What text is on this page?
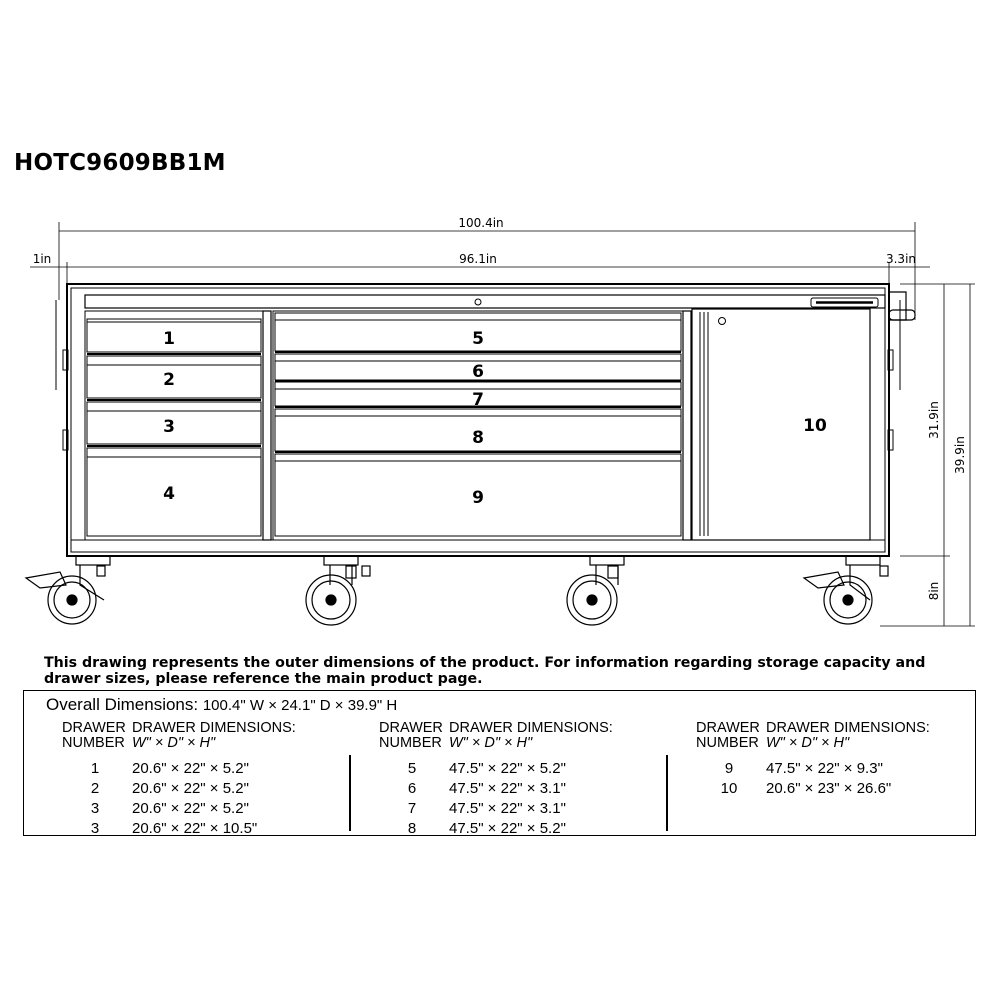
HOTC9609BB1M
100.4in
1in	96.1in	3.3in
31.9in
39.9in
8in
1
2
3
4
5
6
7
8
9
10
This drawing represents the outer dimensions of the product. For information regarding storage capacity and drawer sizes, please reference the main product page.
Overall Dimensions: 100.4" W × 24.1" D × 39.9" H
DRAWER
NUMBER
DRAWER DIMENSIONS:
W" × D" × H"
1	20.6" × 22" × 5.2"
2	20.6" × 22" × 5.2"
3	20.6" × 22" × 5.2"
3	20.6" × 22" × 10.5"
DRAWER
NUMBER
DRAWER DIMENSIONS:
W" × D" × H"
5	47.5" × 22" × 5.2"
6	47.5" × 22" × 3.1"
7	47.5" × 22" × 3.1"
8	47.5" × 22" × 5.2"
DRAWER
NUMBER
DRAWER DIMENSIONS:
W" × D" × H"
9	47.5" × 22" × 9.3"
10	20.6" × 23" × 26.6"
